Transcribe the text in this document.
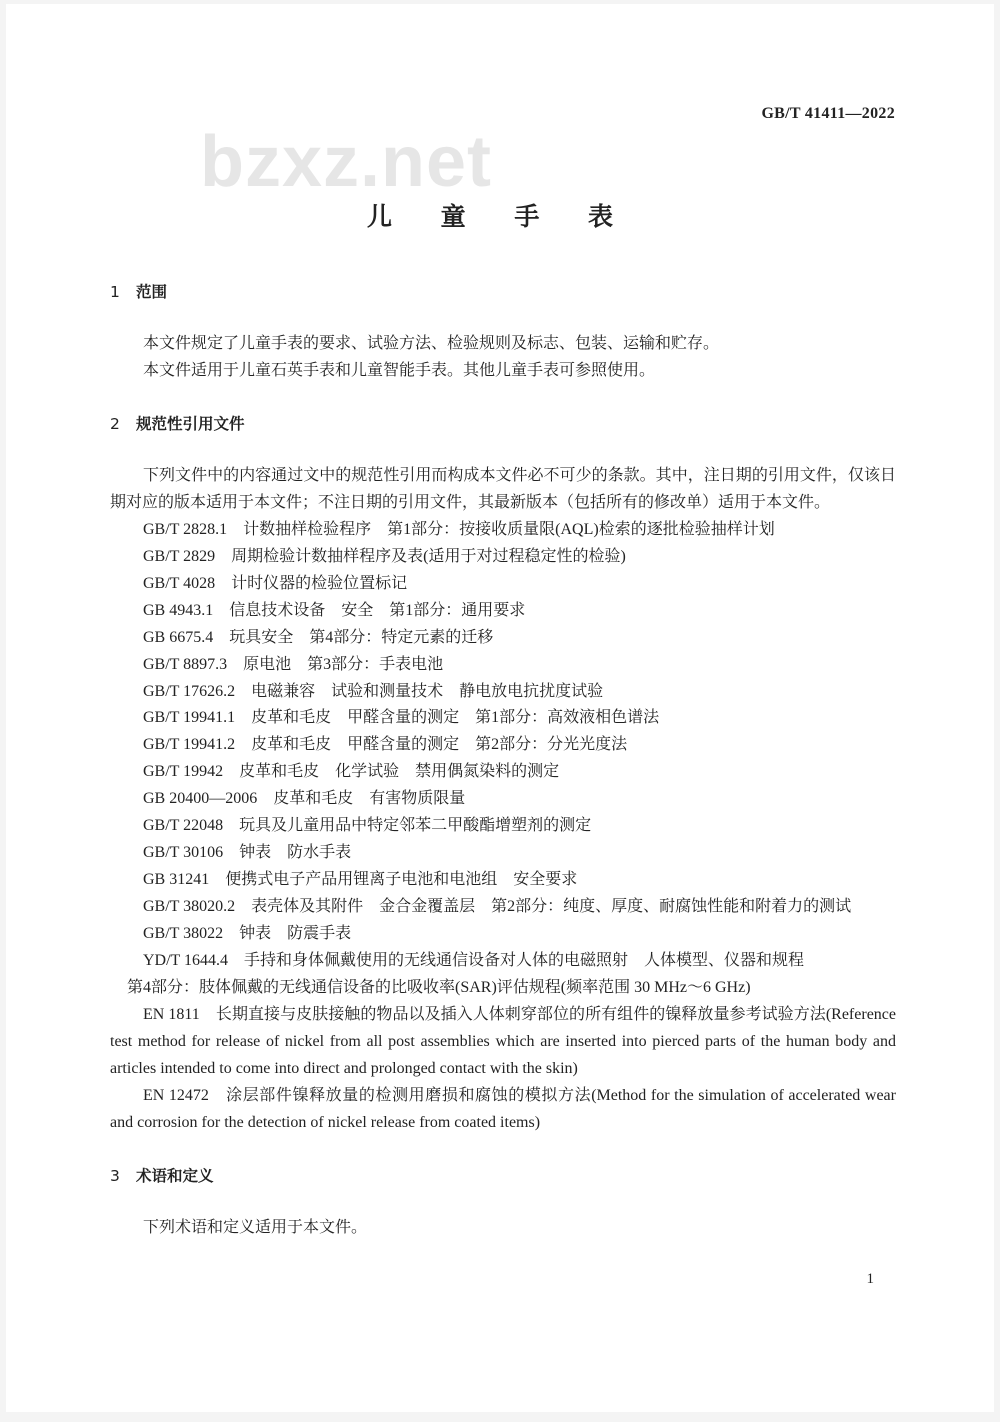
bzxz.net
GB/T 41411—2022
儿 童 手 表
1 范围

本文件规定了儿童手表的要求、试验方法、检验规则及标志、包装、运输和贮存。

本文件适用于儿童石英手表和儿童智能手表。其他儿童手表可参照使用。

2 规范性引用文件

下列文件中的内容通过文中的规范性引用而构成本文件必不可少的条款。其中，注日期的引用文件，仅该日期对应的版本适用于本文件；不注日期的引用文件，其最新版本（包括所有的修改单）适用于本文件。

GB/T 2828.1　计数抽样检验程序　第1部分：按接收质量限(AQL)检索的逐批检验抽样计划

GB/T 2829　周期检验计数抽样程序及表(适用于对过程稳定性的检验)

GB/T 4028　计时仪器的检验位置标记

GB 4943.1　信息技术设备　安全　第1部分：通用要求

GB 6675.4　玩具安全　第4部分：特定元素的迁移

GB/T 8897.3　原电池　第3部分：手表电池

GB/T 17626.2　电磁兼容　试验和测量技术　静电放电抗扰度试验

GB/T 19941.1　皮革和毛皮　甲醛含量的测定　第1部分：高效液相色谱法

GB/T 19941.2　皮革和毛皮　甲醛含量的测定　第2部分：分光光度法

GB/T 19942　皮革和毛皮　化学试验　禁用偶氮染料的测定

GB 20400—2006　皮革和毛皮　有害物质限量

GB/T 22048　玩具及儿童用品中特定邻苯二甲酸酯增塑剂的测定

GB/T 30106　钟表　防水手表

GB 31241　便携式电子产品用锂离子电池和电池组　安全要求

GB/T 38020.2　表壳体及其附件　金合金覆盖层　第2部分：纯度、厚度、耐腐蚀性能和附着力的测试

GB/T 38022　钟表　防震手表

YD/T 1644.4　手持和身体佩戴使用的无线通信设备对人体的电磁照射　人体模型、仪器和规程

第4部分：肢体佩戴的无线通信设备的比吸收率(SAR)评估规程(频率范围 30 MHz～6 GHz)

EN 1811　长期直接与皮肤接触的物品以及插入人体刺穿部位的所有组件的镍释放量参考试验方法(Reference test method for release of nickel from all post assemblies which are inserted into pierced parts of the human body and articles intended to come into direct and prolonged contact with the skin)

EN 12472　涂层部件镍释放量的检测用磨损和腐蚀的模拟方法(Method for the simulation of accelerated wear and corrosion for the detection of nickel release from coated items)

3 术语和定义

下列术语和定义适用于本文件。

1
